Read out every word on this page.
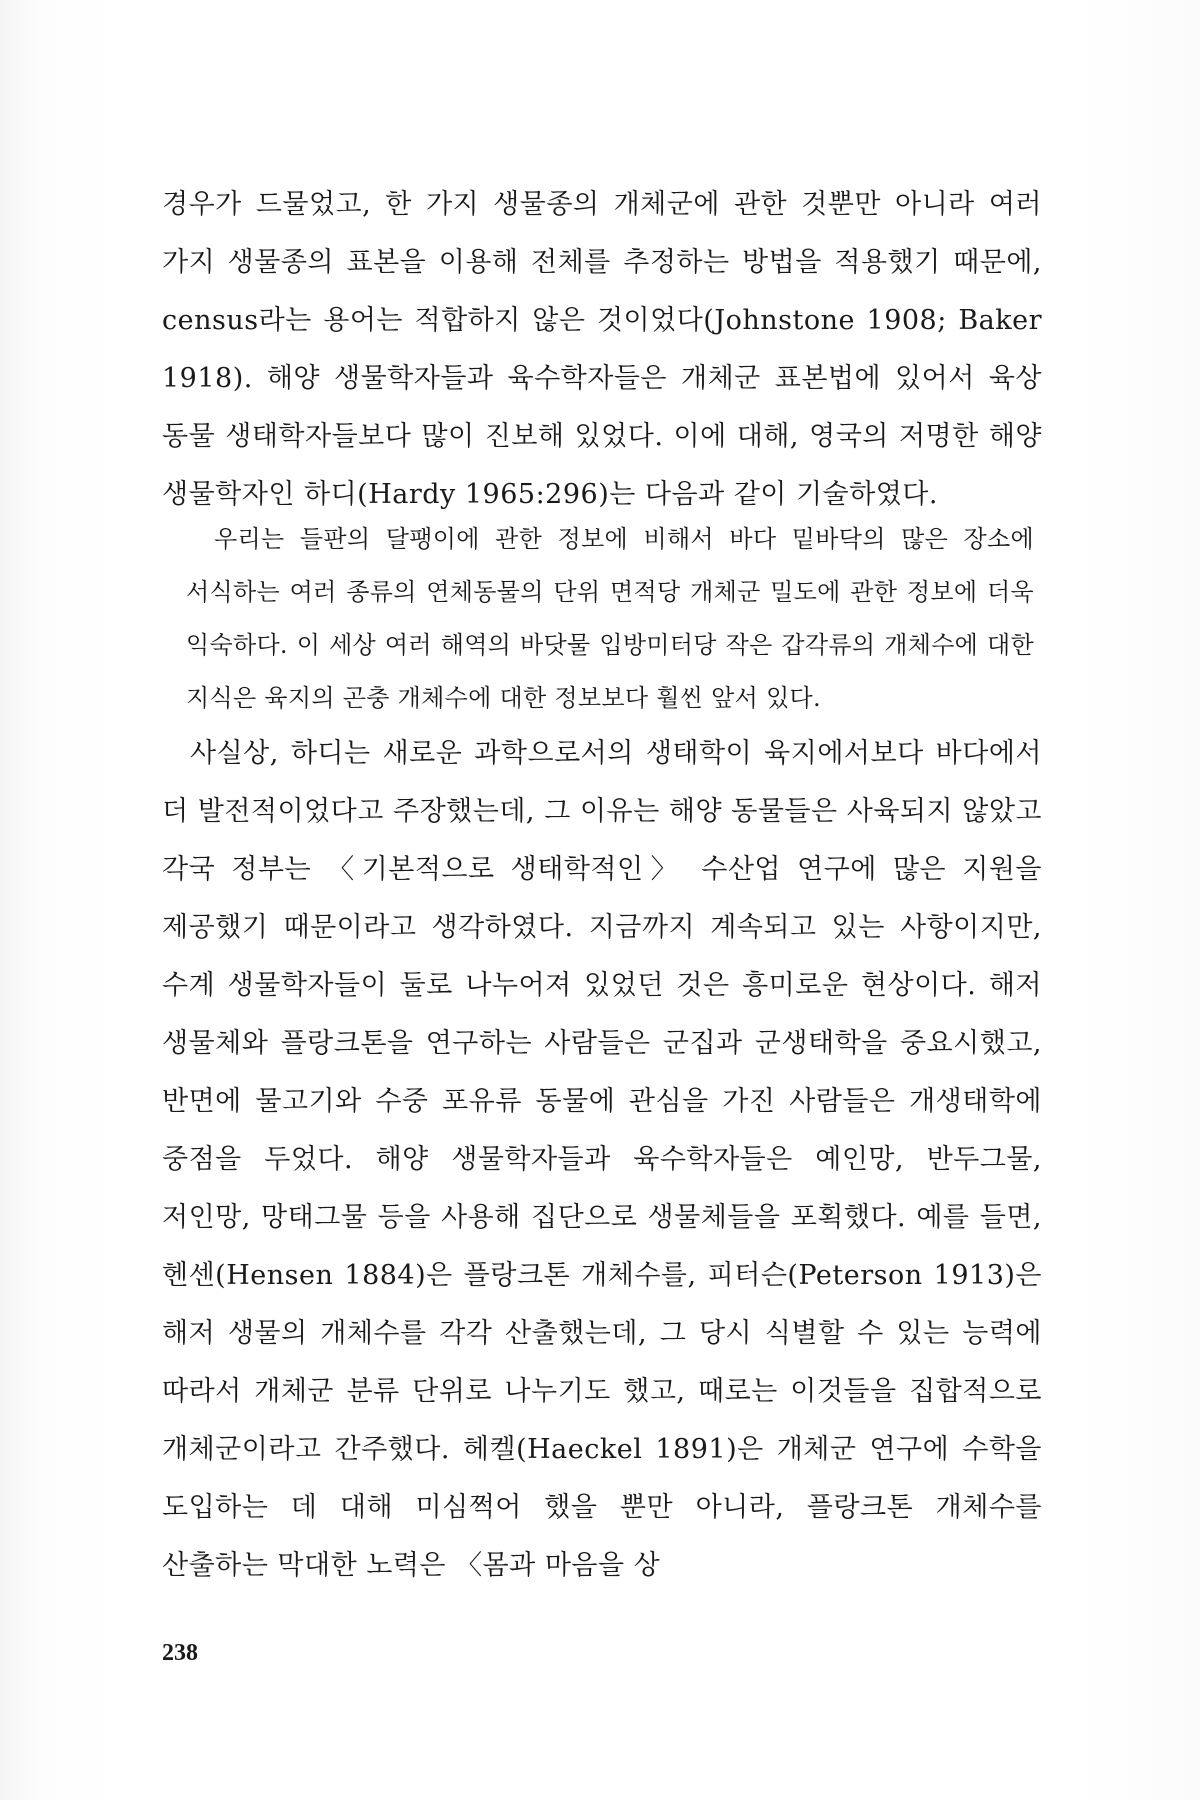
경우가 드물었고, 한 가지 생물종의 개체군에 관한 것뿐만 아니라 여러 가지 생물종의 표본을 이용해 전체를 추정하는 방법을 적용했기 때문에, census라는 용어는 적합하지 않은 것이었다(Johnstone 1908; Baker 1918). 해양 생물학자들과 육수학자들은 개체군 표본법에 있어서 육상 동물 생태학자들보다 많이 진보해 있었다. 이에 대해, 영국의 저명한 해양 생물학자인 하디(Hardy 1965:296)는 다음과 같이 기술하였다.

우리는 들판의 달팽이에 관한 정보에 비해서 바다 밑바닥의 많은 장소에 서식하는 여러 종류의 연체동물의 단위 면적당 개체군 밀도에 관한 정보에 더욱 익숙하다. 이 세상 여러 해역의 바닷물 입방미터당 작은 갑각류의 개체수에 대한 지식은 육지의 곤충 개체수에 대한 정보보다 훨씬 앞서 있다.

사실상, 하디는 새로운 과학으로서의 생태학이 육지에서보다 바다에서 더 발전적이었다고 주장했는데, 그 이유는 해양 동물들은 사육되지 않았고 각국 정부는 〈기본적으로 생태학적인〉 수산업 연구에 많은 지원을 제공했기 때문이라고 생각하였다. 지금까지 계속되고 있는 사항이지만, 수계 생물학자들이 둘로 나누어져 있었던 것은 흥미로운 현상이다. 해저 생물체와 플랑크톤을 연구하는 사람들은 군집과 군생태학을 중요시했고, 반면에 물고기와 수중 포유류 동물에 관심을 가진 사람들은 개생태학에 중점을 두었다. 해양 생물학자들과 육수학자들은 예인망, 반두그물, 저인망, 망태그물 등을 사용해 집단으로 생물체들을 포획했다. 예를 들면, 헨센(Hensen 1884)은 플랑크톤 개체수를, 피터슨(Peterson 1913)은 해저 생물의 개체수를 각각 산출했는데, 그 당시 식별할 수 있는 능력에 따라서 개체군 분류 단위로 나누기도 했고, 때로는 이것들을 집합적으로 개체군이라고 간주했다. 헤켈(Haeckel 1891)은 개체군 연구에 수학을 도입하는 데 대해 미심쩍어 했을 뿐만 아니라, 플랑크톤 개체수를 산출하는 막대한 노력은 〈몸과 마음을 상

238
